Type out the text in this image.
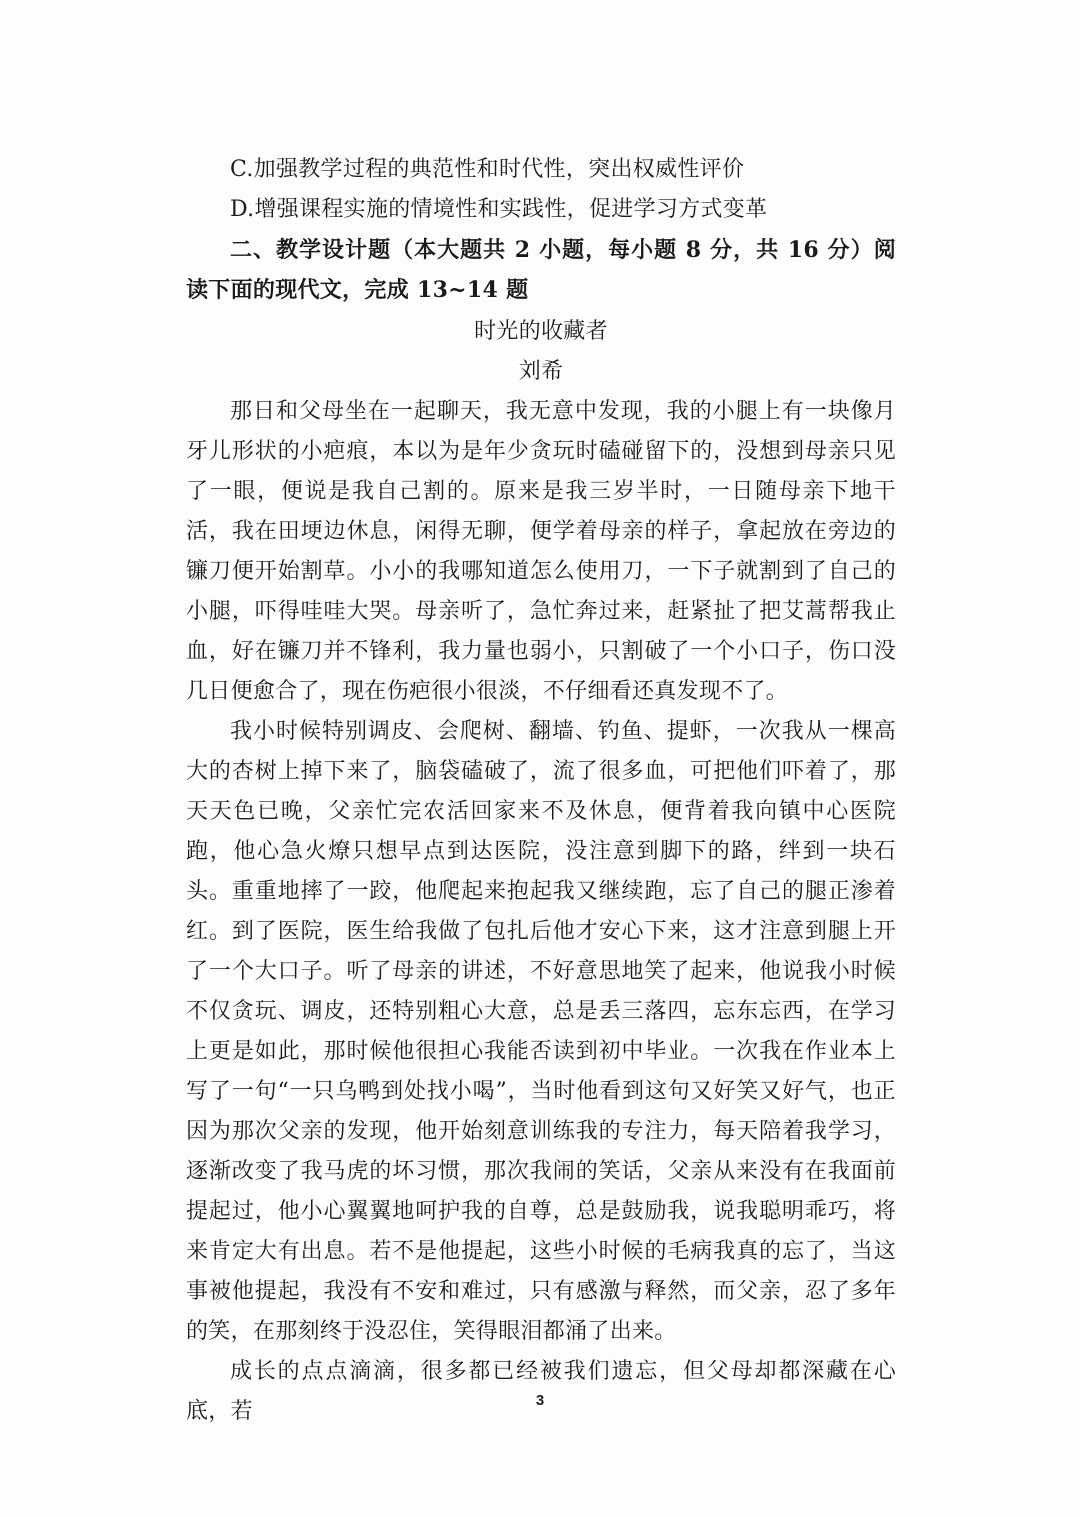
C.加强教学过程的典范性和时代性，突出权威性评价

D.增强课程实施的情境性和实践性，促进学习方式变革

二、教学设计题（本大题共 2 小题，每小题 8 分，共 16 分）阅读下面的现代文，完成 13~14 题

时光的收藏者

刘希

那日和父母坐在一起聊天，我无意中发现，我的小腿上有一块像月牙儿形状的小疤痕，本以为是年少贪玩时磕碰留下的，没想到母亲只见了一眼，便说是我自己割的。原来是我三岁半时，一日随母亲下地干活，我在田埂边休息，闲得无聊，便学着母亲的样子，拿起放在旁边的镰刀便开始割草。小小的我哪知道怎么使用刀，一下子就割到了自己的小腿，吓得哇哇大哭。母亲听了，急忙奔过来，赶紧扯了把艾蒿帮我止血，好在镰刀并不锋利，我力量也弱小，只割破了一个小口子，伤口没几日便愈合了，现在伤疤很小很淡，不仔细看还真发现不了。

我小时候特别调皮、会爬树、翻墙、钓鱼、提虾，一次我从一棵高大的杏树上掉下来了，脑袋磕破了，流了很多血，可把他们吓着了，那天天色已晚，父亲忙完农活回家来不及休息，便背着我向镇中心医院跑，他心急火燎只想早点到达医院，没注意到脚下的路，绊到一块石头。重重地摔了一跤，他爬起来抱起我又继续跑，忘了自己的腿正渗着红。到了医院，医生给我做了包扎后他才安心下来，这才注意到腿上开了一个大口子。听了母亲的讲述，不好意思地笑了起来，他说我小时候不仅贪玩、调皮，还特别粗心大意，总是丢三落四，忘东忘西，在学习上更是如此，那时候他很担心我能否读到初中毕业。一次我在作业本上写了一句“一只乌鸭到处找小喝”，当时他看到这句又好笑又好气，也正因为那次父亲的发现，他开始刻意训练我的专注力，每天陪着我学习，逐渐改变了我马虎的坏习惯，那次我闹的笑话，父亲从来没有在我面前提起过，他小心翼翼地呵护我的自尊，总是鼓励我，说我聪明乖巧，将来肯定大有出息。若不是他提起，这些小时候的毛病我真的忘了，当这事被他提起，我没有不安和难过，只有感激与释然，而父亲，忍了多年的笑，在那刻终于没忍住，笑得眼泪都涌了出来。

成长的点点滴滴，很多都已经被我们遗忘，但父母却都深藏在心底，若	3
